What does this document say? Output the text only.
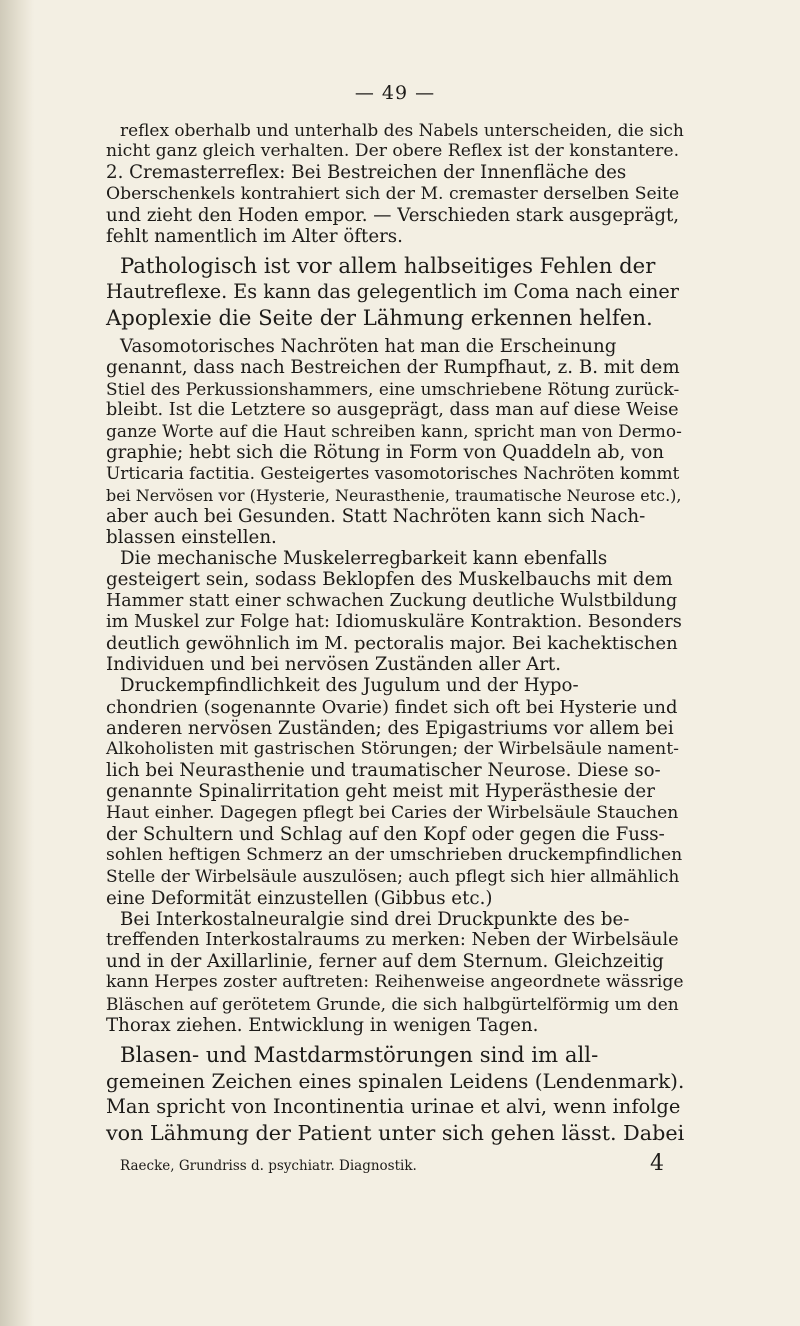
— 49 —

reflex oberhalb und unterhalb des Nabels unterscheiden, die sich
nicht ganz gleich verhalten. Der obere Reflex ist der konstantere.
2. Cremasterreflex: Bei Bestreichen der Innenfläche des
Oberschenkels kontrahiert sich der M. cremaster derselben Seite
und zieht den Hoden empor. — Verschieden stark ausgeprägt,
fehlt namentlich im Alter öfters.

Pathologisch ist vor allem halbseitiges Fehlen der
Hautreflexe. Es kann das gelegentlich im Coma nach einer
Apoplexie die Seite der Lähmung erkennen helfen.

Vasomotorisches Nachröten hat man die Erscheinung
genannt, dass nach Bestreichen der Rumpfhaut, z. B. mit dem
Stiel des Perkussionshammers, eine umschriebene Rötung zurück-
bleibt. Ist die Letztere so ausgeprägt, dass man auf diese Weise
ganze Worte auf die Haut schreiben kann, spricht man von Dermo-
graphie; hebt sich die Rötung in Form von Quaddeln ab, von
Urticaria factitia. Gesteigertes vasomotorisches Nachröten kommt
bei Nervösen vor (Hysterie, Neurasthenie, traumatische Neurose etc.),
aber auch bei Gesunden. Statt Nachröten kann sich Nach-
blassen einstellen.

Die mechanische Muskelerregbarkeit kann ebenfalls
gesteigert sein, sodass Beklopfen des Muskelbauchs mit dem
Hammer statt einer schwachen Zuckung deutliche Wulstbildung
im Muskel zur Folge hat: Idiomuskuläre Kontraktion. Besonders
deutlich gewöhnlich im M. pectoralis major. Bei kachektischen
Individuen und bei nervösen Zuständen aller Art.

Druckempfindlichkeit des Jugulum und der Hypo-
chondrien (sogenannte Ovarie) findet sich oft bei Hysterie und
anderen nervösen Zuständen; des Epigastriums vor allem bei
Alkoholisten mit gastrischen Störungen; der Wirbelsäule nament-
lich bei Neurasthenie und traumatischer Neurose. Diese so-
genannte Spinalirritation geht meist mit Hyperästhesie der
Haut einher. Dagegen pflegt bei Caries der Wirbelsäule Stauchen
der Schultern und Schlag auf den Kopf oder gegen die Fuss-
sohlen heftigen Schmerz an der umschrieben druckempfindlichen
Stelle der Wirbelsäule auszulösen; auch pflegt sich hier allmählich
eine Deformität einzustellen (Gibbus etc.)

Bei Interkostalneuralgie sind drei Druckpunkte des be-
treffenden Interkostalraums zu merken: Neben der Wirbelsäule
und in der Axillarlinie, ferner auf dem Sternum. Gleichzeitig
kann Herpes zoster auftreten: Reihenweise angeordnete wässrige
Bläschen auf gerötetem Grunde, die sich halbgürtelförmig um den
Thorax ziehen. Entwicklung in wenigen Tagen.

Blasen- und Mastdarmstörungen sind im all-
gemeinen Zeichen eines spinalen Leidens (Lendenmark).
Man spricht von Incontinentia urinae et alvi, wenn infolge
von Lähmung der Patient unter sich gehen lässt. Dabei

Raecke, Grundriss d. psychiatr. Diagnostik.	4
